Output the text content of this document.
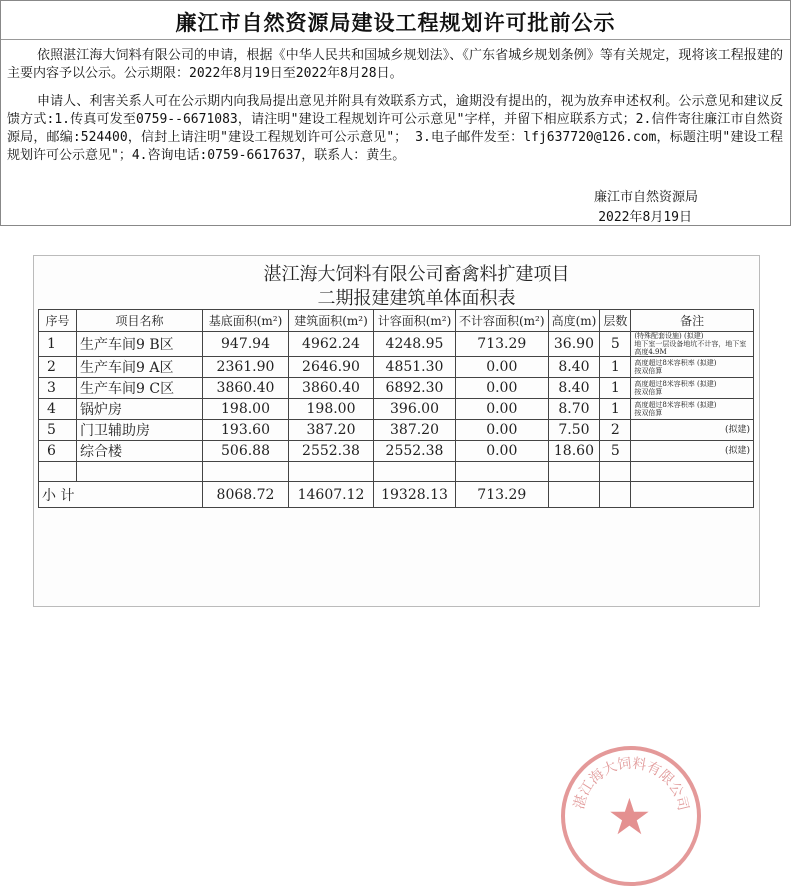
廉江市自然资源局建设工程规划许可批前公示
依照湛江海大饲料有限公司的申请，根据《中华人民共和国城乡规划法》、《广东省城乡规划条例》等有关规定，现将该工程报建的主要内容予以公示。公示期限：2022年8月19日至2022年8月28日。
申请人、利害关系人可在公示期内向我局提出意见并附具有效联系方式，逾期没有提出的，视为放弃申述权利。公示意见和建议反馈方式:1.传真可发至0759--6671083，请注明"建设工程规划许可公示意见"字样，并留下相应联系方式；2.信件寄往廉江市自然资源局，邮编:524400，信封上请注明"建设工程规划许可公示意见"； 3.电子邮件发至：lfj637720@126.com，标题注明"建设工程规划许可公示意见"；4.咨询电话:0759-6617637，联系人：黄生。
廉江市自然资源局
2022年8月19日
湛江海大饲料有限公司畜禽料扩建项目
二期报建建筑单体面积表
序号	项目名称	基底面积(m²)	建筑面积(m²)	计容面积(m²)	不计容面积(m²)	高度(m)	层数	备注
1	生产车间9 B区	947.94	4962.24	4248.95	713.29	36.90	5	(特殊配套设施) (拟建)
地下室一层设备地坑不计容，地下室高度4.9M

2	生产车间9 A区	2361.90	2646.90	4851.30	0.00	8.40	1	高度超过8米容积率 (拟建)
按双倍算

3	生产车间9 C区	3860.40	3860.40	6892.30	0.00	8.40	1	高度超过8米容积率 (拟建)
按双倍算

4	锅炉房	198.00	198.00	396.00	0.00	8.70	1	高度超过8米容积率 (拟建)
按双倍算

5	门卫辅助房	193.60	387.20	387.20	0.00	7.50	2	(拟建)

6	综合楼	506.88	2552.38	2552.38	0.00	18.60	5	(拟建)

小 计		8068.72	14607.12	19328.13	713.29			
湛江海大饲料有限公司
★
